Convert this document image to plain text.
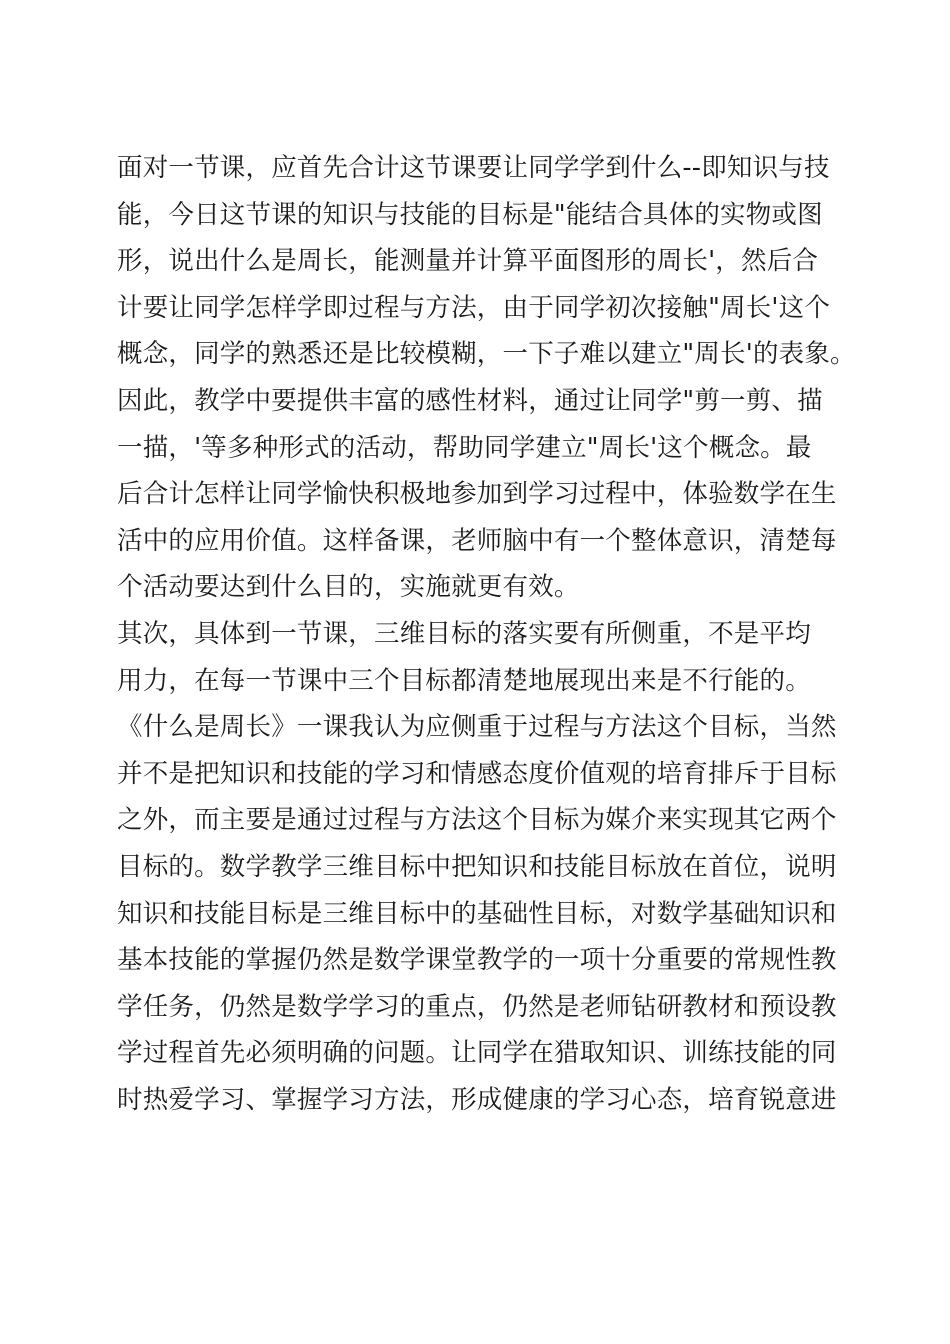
面对一节课，应首先合计这节课要让同学学到什么--即知识与技
能，今日这节课的知识与技能的目标是"能结合具体的实物或图
形，说出什么是周长，能测量并计算平面图形的周长'，然后合
计要让同学怎样学即过程与方法，由于同学初次接触"周长'这个
概念，同学的熟悉还是比较模糊，一下子难以建立"周长'的表象。
因此，教学中要提供丰富的感性材料，通过让同学"剪一剪、描
一描，'等多种形式的活动，帮助同学建立"周长'这个概念。最
后合计怎样让同学愉快积极地参加到学习过程中，体验数学在生
活中的应用价值。这样备课，老师脑中有一个整体意识，清楚每
个活动要达到什么目的，实施就更有效。
其次，具体到一节课，三维目标的落实要有所侧重，不是平均
用力，在每一节课中三个目标都清楚地展现出来是不行能的。
《什么是周长》一课我认为应侧重于过程与方法这个目标，当然
并不是把知识和技能的学习和情感态度价值观的培育排斥于目标
之外，而主要是通过过程与方法这个目标为媒介来实现其它两个
目标的。数学教学三维目标中把知识和技能目标放在首位，说明
知识和技能目标是三维目标中的基础性目标，对数学基础知识和
基本技能的掌握仍然是数学课堂教学的一项十分重要的常规性教
学任务，仍然是数学学习的重点，仍然是老师钻研教材和预设教
学过程首先必须明确的问题。让同学在猎取知识、训练技能的同
时热爱学习、掌握学习方法，形成健康的学习心态，培育锐意进
